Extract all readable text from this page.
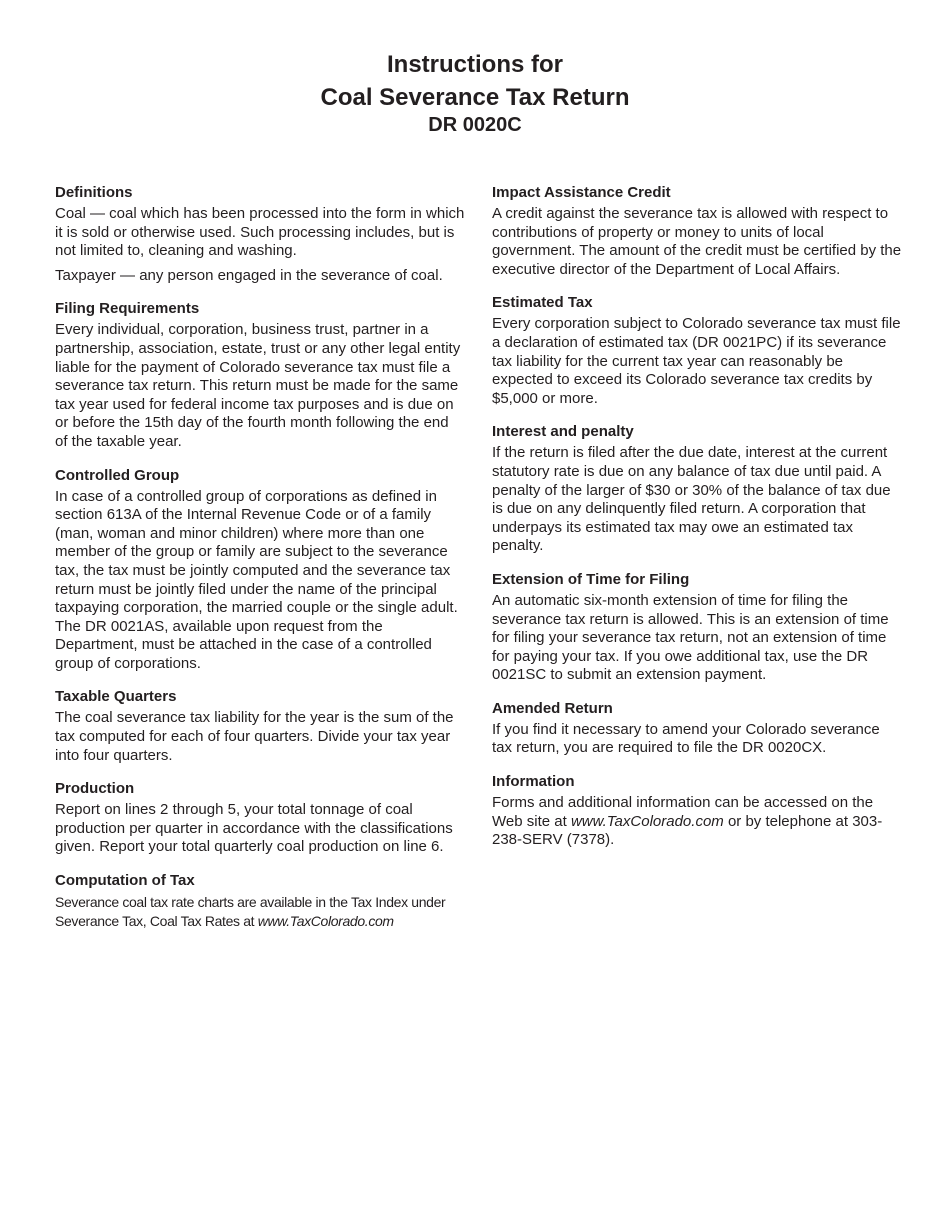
Instructions for
Coal Severance Tax Return
DR 0020C
Definitions

Coal — coal which has been processed into the form in which it is sold or otherwise used. Such processing includes, but is not limited to, cleaning and washing.

Taxpayer — any person engaged in the severance of coal.

Filing Requirements

Every individual, corporation, business trust, partner in a partnership, association, estate, trust or any other legal entity liable for the payment of Colorado severance tax must file a severance tax return. This return must be made for the same tax year used for federal income tax purposes and is due on or before the 15th day of the fourth month following the end of the taxable year.

Controlled Group

In case of a controlled group of corporations as defined in section 613A of the Internal Revenue Code or of a family (man, woman and minor children) where more than one member of the group or family are subject to the severance tax, the tax must be jointly computed and the severance tax return must be jointly filed under the name of the principal taxpaying corporation, the married couple or the single adult. The DR 0021AS, available upon request from the Department, must be attached in the case of a controlled group of corporations.

Taxable Quarters

The coal severance tax liability for the year is the sum of the tax computed for each of four quarters. Divide your tax year into four quarters.

Production

Report on lines 2 through 5, your total tonnage of coal production per quarter in accordance with the classifications given. Report your total quarterly coal production on line 6.

Computation of Tax

Severance coal tax rate charts are available in the Tax Index under Severance Tax, Coal Tax Rates at www.TaxColorado.com

Impact Assistance Credit

A credit against the severance tax is allowed with respect to contributions of property or money to units of local government. The amount of the credit must be certified by the executive director of the Department of Local Affairs.

Estimated Tax

Every corporation subject to Colorado severance tax must file a declaration of estimated tax (DR 0021PC) if its severance tax liability for the current tax year can reasonably be expected to exceed its Colorado severance tax credits by $5,000 or more.

Interest and penalty

If the return is filed after the due date, interest at the current statutory rate is due on any balance of tax due until paid. A penalty of the larger of $30 or 30% of the balance of tax due is due on any delinquently filed return. A corporation that underpays its estimated tax may owe an estimated tax penalty.

Extension of Time for Filing

An automatic six-month extension of time for filing the severance tax return is allowed. This is an extension of time for filing your severance tax return, not an extension of time for paying your tax. If you owe additional tax, use the DR 0021SC to submit an extension payment.

Amended Return

If you find it necessary to amend your Colorado severance tax return, you are required to file the DR 0020CX.

Information

Forms and additional information can be accessed on the Web site at www.TaxColorado.com or by telephone at 303-238-SERV (7378).
